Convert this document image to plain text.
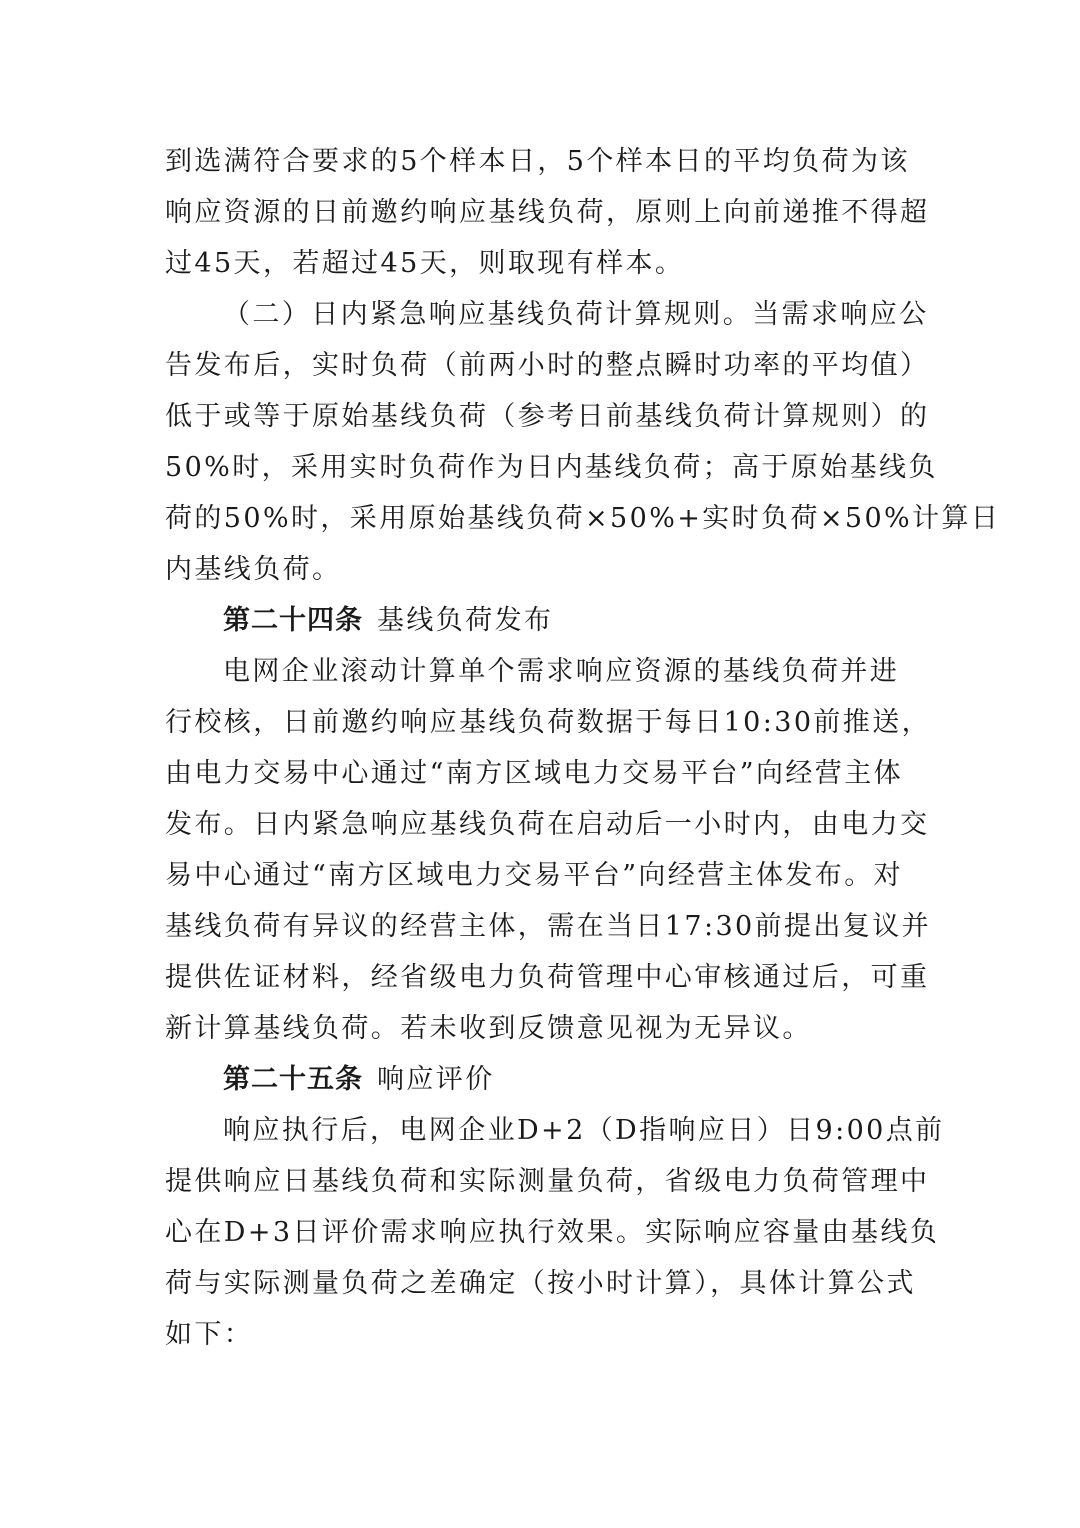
到选满符合要求的5个样本日，5个样本日的平均负荷为该
响应资源的日前邀约响应基线负荷，原则上向前递推不得超
过45天，若超过45天，则取现有样本。
（二）日内紧急响应基线负荷计算规则。当需求响应公
告发布后，实时负荷（前两小时的整点瞬时功率的平均值）
低于或等于原始基线负荷（参考日前基线负荷计算规则）的
50%时，采用实时负荷作为日内基线负荷；高于原始基线负
荷的50%时，采用原始基线负荷×50%+实时负荷×50%计算日
内基线负荷。
第二十四条 基线负荷发布
电网企业滚动计算单个需求响应资源的基线负荷并进
行校核，日前邀约响应基线负荷数据于每日10:30前推送，
由电力交易中心通过“南方区域电力交易平台”向经营主体
发布。日内紧急响应基线负荷在启动后一小时内，由电力交
易中心通过“南方区域电力交易平台”向经营主体发布。对
基线负荷有异议的经营主体，需在当日17:30前提出复议并
提供佐证材料，经省级电力负荷管理中心审核通过后，可重
新计算基线负荷。若未收到反馈意见视为无异议。
第二十五条 响应评价
响应执行后，电网企业D+2（D指响应日）日9:00点前
提供响应日基线负荷和实际测量负荷，省级电力负荷管理中
心在D+3日评价需求响应执行效果。实际响应容量由基线负
荷与实际测量负荷之差确定（按小时计算），具体计算公式
如下：
